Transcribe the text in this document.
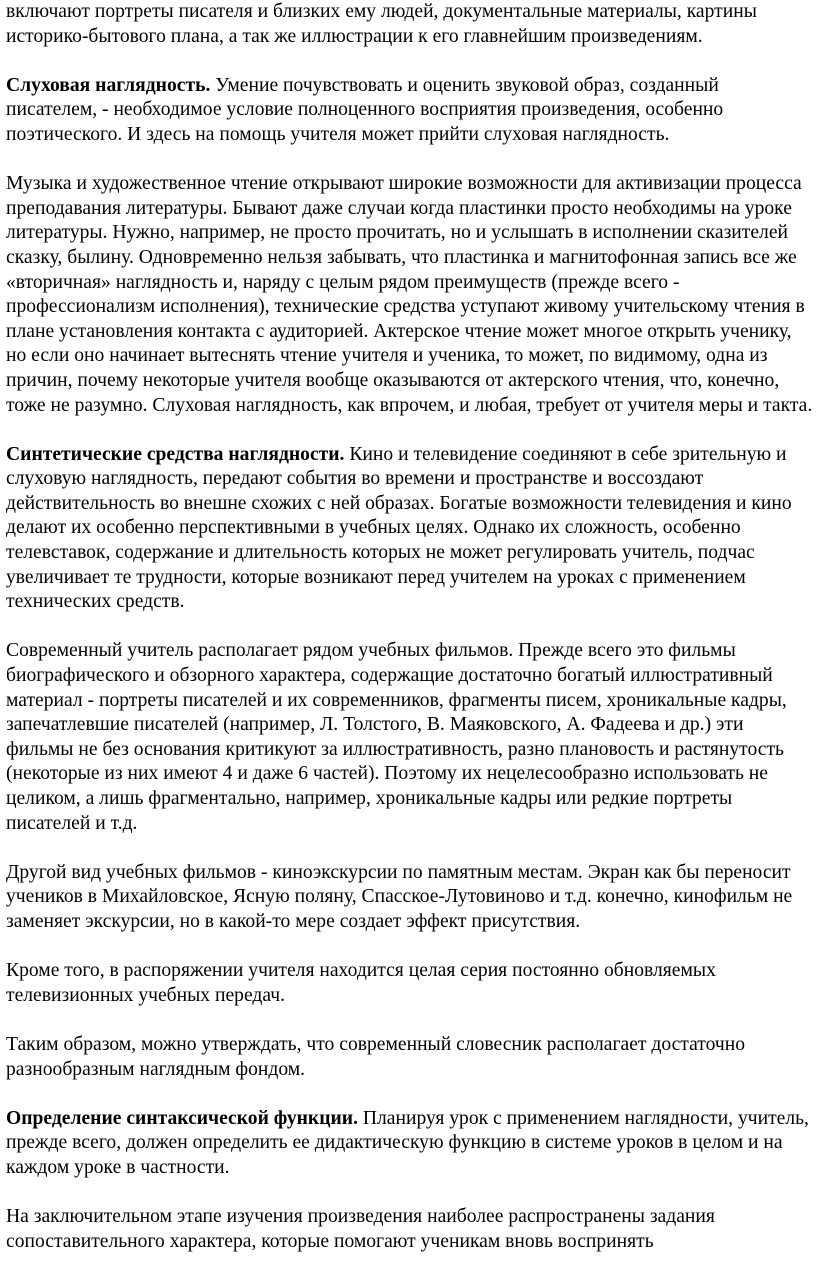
включают портреты писателя и близких ему людей, документальные материалы, картины историко-бытового плана, а так же иллюстрации к его главнейшим произведениям.

Слуховая наглядность. Умение почувствовать и оценить звуковой образ, созданный писателем, - необходимое условие полноценного восприятия произведения, особенно поэтического. И здесь на помощь учителя может прийти слуховая наглядность.

Музыка и художественное чтение открывают широкие возможности для активизации процесса преподавания литературы. Бывают даже случаи когда пластинки просто необходимы на уроке литературы. Нужно, например, не просто прочитать, но и услышать в исполнении сказителей сказку, былину. Одновременно нельзя забывать, что пластинка и магнитофонная запись все же «вторичная» наглядность и, наряду с целым рядом преимуществ (прежде всего - профессионализм исполнения), технические средства уступают живому учительскому чтения в плане установления контакта с аудиторией. Актерское чтение может многое открыть ученику, но если оно начинает вытеснять чтение учителя и ученика, то может, по видимому, одна из причин, почему некоторые учителя вообще оказываются от актерского чтения, что, конечно, тоже не разумно. Слуховая наглядность, как впрочем, и любая, требует от учителя меры и такта.

Синтетические средства наглядности. Кино и телевидение соединяют в себе зрительную и слуховую наглядность, передают события во времени и пространстве и воссоздают действительность во внешне схожих с ней образах. Богатые возможности телевидения и кино делают их особенно перспективными в учебных целях. Однако их сложность, особенно телевставок, содержание и длительность которых не может регулировать учитель, подчас увеличивает те трудности, которые возникают перед учителем на уроках с применением технических средств.

Современный учитель располагает рядом учебных фильмов. Прежде всего это фильмы биографического и обзорного характера, содержащие достаточно богатый иллюстративный материал - портреты писателей и их современников, фрагменты писем, хроникальные кадры, запечатлевшие писателей (например, Л. Толстого, В. Маяковского, А. Фадеева и др.) эти фильмы не без основания критикуют за иллюстративность, разно плановость и растянутость (некоторые из них имеют 4 и даже 6 частей). Поэтому их нецелесообразно использовать не целиком, а лишь фрагментально, например, хроникальные кадры или редкие портреты писателей и т.д.

Другой вид учебных фильмов - киноэкскурсии по памятным местам. Экран как бы переносит учеников в Михайловское, Ясную поляну, Спасское-Лутовиново и т.д. конечно, кинофильм не заменяет экскурсии, но в какой-то мере создает эффект присутствия.

Кроме того, в распоряжении учителя находится целая серия постоянно обновляемых телевизионных учебных передач.

Таким образом, можно утверждать, что современный словесник располагает достаточно разнообразным наглядным фондом.

Определение синтаксической функции. Планируя урок с применением наглядности, учитель, прежде всего, должен определить ее дидактическую функцию в системе уроков в целом и на каждом уроке в частности.

На заключительном этапе изучения произведения наиболее распространены задания сопоставительного характера, которые помогают ученикам вновь воспринять
